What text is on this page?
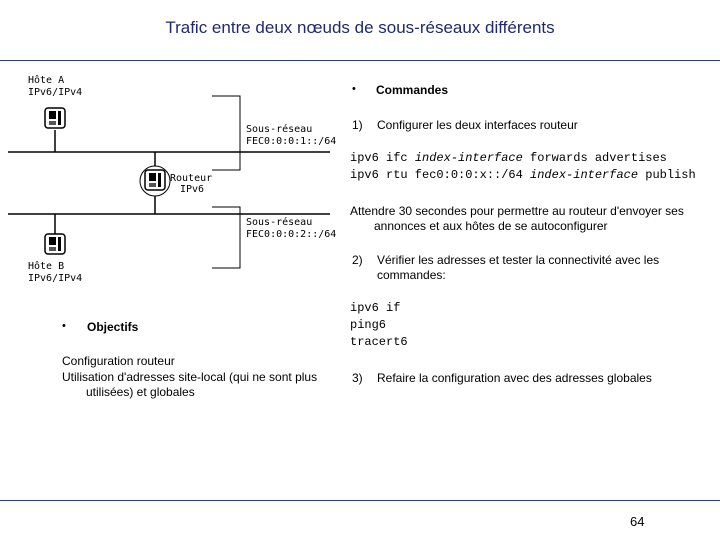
Trafic entre deux nœuds de sous-réseaux différents
Hôte A
IPv6/IPv4
Sous-réseau
FEC0:0:0:1::/64
Routeur
IPv6
Sous-réseau
FEC0:0:0:2::/64
Hôte B
IPv6/IPv4
• Objectifs
Configuration routeur
Utilisation d'adresses site-local (qui ne sont plus utilisées) et globales
• Commandes
1) Configurer les deux interfaces routeur
ipv6 ifc index-interface forwards advertises
ipv6 rtu fec0:0:0:x::/64 index-interface publish
Attendre 30 secondes pour permettre au routeur d'envoyer ses annonces et aux hôtes de se autoconfigurer
2) Vérifier les adresses et tester la connectivité avec les commandes:
ipv6 if
ping6
tracert6
3) Refaire la configuration avec des adresses globales
64
